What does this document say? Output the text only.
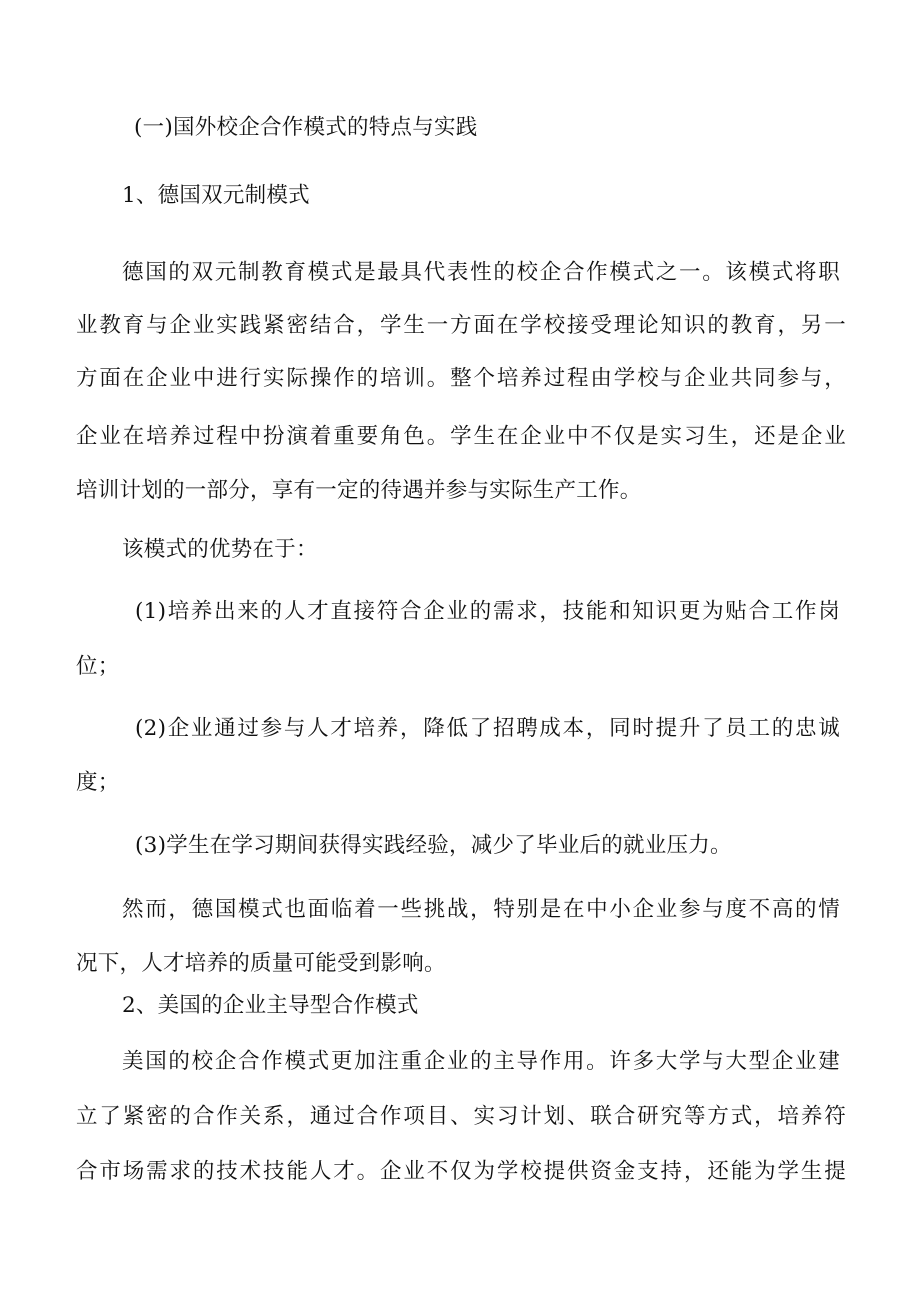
(一)国外校企合作模式的特点与实践
1、德国双元制模式
德国的双元制教育模式是最具代表性的校企合作模式之一。该模式将职
业教育与企业实践紧密结合，学生一方面在学校接受理论知识的教育，另一
方面在企业中进行实际操作的培训。整个培养过程由学校与企业共同参与，
企业在培养过程中扮演着重要角色。学生在企业中不仅是实习生，还是企业
培训计划的一部分，享有一定的待遇并参与实际生产工作。
该模式的优势在于：
(1)培养出来的人才直接符合企业的需求，技能和知识更为贴合工作岗
位；
(2)企业通过参与人才培养，降低了招聘成本，同时提升了员工的忠诚
度；
(3)学生在学习期间获得实践经验，减少了毕业后的就业压力。
然而，德国模式也面临着一些挑战，特别是在中小企业参与度不高的情
况下，人才培养的质量可能受到影响。
2、美国的企业主导型合作模式
美国的校企合作模式更加注重企业的主导作用。许多大学与大型企业建
立了紧密的合作关系，通过合作项目、实习计划、联合研究等方式，培养符
合市场需求的技术技能人才。企业不仅为学校提供资金支持，还能为学生提
